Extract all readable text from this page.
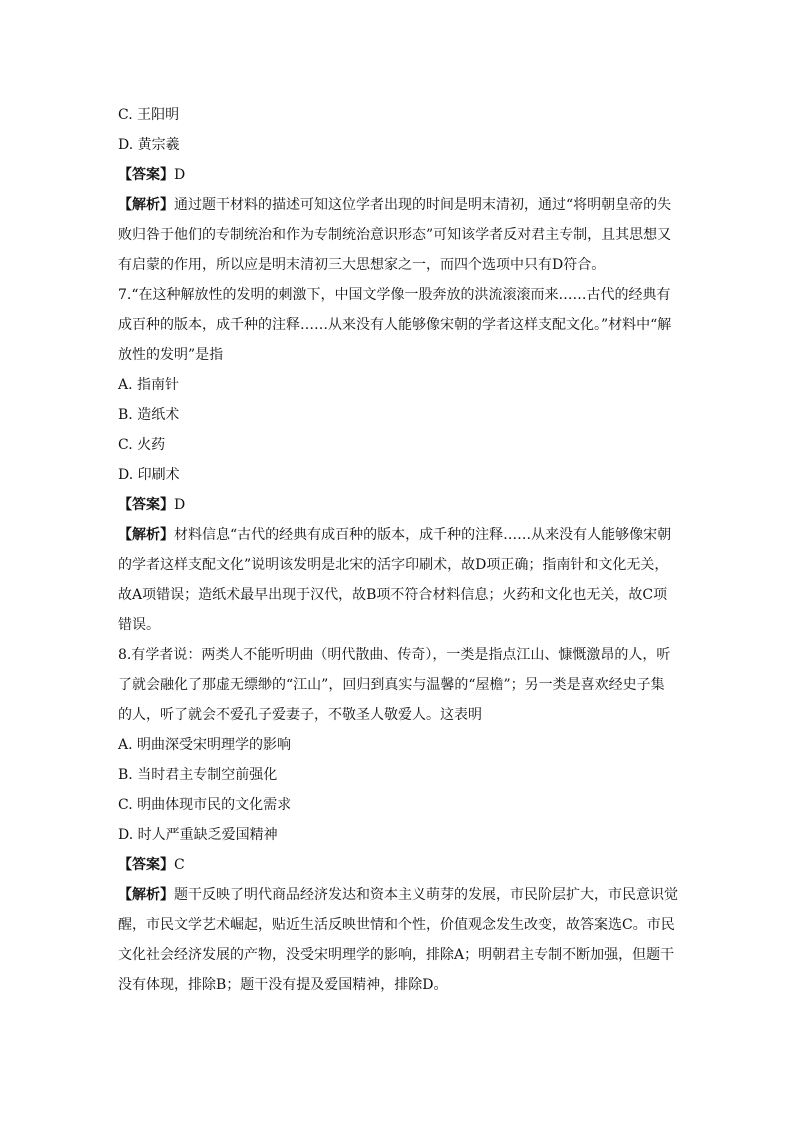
C. 王阳明
D. 黄宗羲
【答案】D
【解析】通过题干材料的描述可知这位学者出现的时间是明末清初，通过“将明朝皇帝的失败归咎于他们的专制统治和作为专制统治意识形态”可知该学者反对君主专制，且其思想又有启蒙的作用，所以应是明末清初三大思想家之一，而四个选项中只有D符合。
7.“在这种解放性的发明的刺激下，中国文学像一股奔放的洪流滚滚而来……古代的经典有成百种的版本，成千种的注释……从来没有人能够像宋朝的学者这样支配文化。”材料中“解放性的发明”是指
A. 指南针
B. 造纸术
C. 火药
D. 印刷术
【答案】D
【解析】材料信息“古代的经典有成百种的版本，成千种的注释……从来没有人能够像宋朝的学者这样支配文化”说明该发明是北宋的活字印刷术，故D项正确；指南针和文化无关，故A项错误；造纸术最早出现于汉代，故B项不符合材料信息；火药和文化也无关，故C项错误。
8.有学者说：两类人不能听明曲（明代散曲、传奇），一类是指点江山、慷慨激昂的人，听了就会融化了那虚无缥缈的“江山”，回归到真实与温馨的“屋檐”；另一类是喜欢经史子集的人，听了就会不爱孔子爱妻子，不敬圣人敬爱人。这表明
A. 明曲深受宋明理学的影响
B. 当时君主专制空前强化
C. 明曲体现市民的文化需求
D. 时人严重缺乏爱国精神
【答案】C
【解析】题干反映了明代商品经济发达和资本主义萌芽的发展，市民阶层扩大，市民意识觉醒，市民文学艺术崛起，贴近生活反映世情和个性，价值观念发生改变，故答案选C。市民文化社会经济发展的产物，没受宋明理学的影响，排除A；明朝君主专制不断加强，但题干没有体现，排除B；题干没有提及爱国精神，排除D。
